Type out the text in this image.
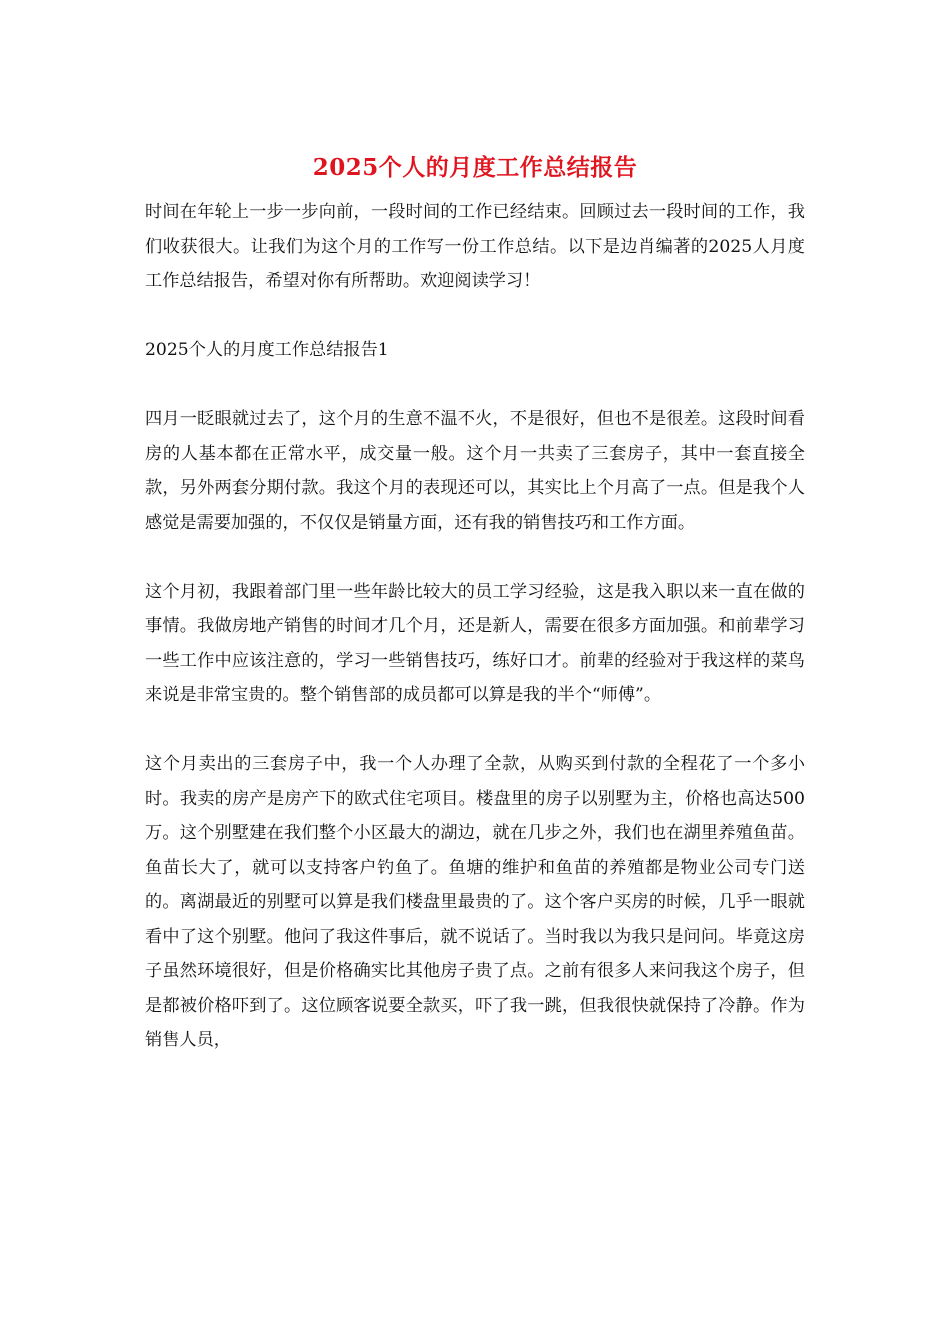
2025个人的月度工作总结报告

时间在年轮上一步一步向前，一段时间的工作已经结束。回顾过去一段时间的工作，我们收获很大。让我们为这个月的工作写一份工作总结。以下是边肖编著的2025人月度工作总结报告，希望对你有所帮助。欢迎阅读学习！

2025个人的月度工作总结报告1

四月一眨眼就过去了，这个月的生意不温不火，不是很好，但也不是很差。这段时间看房的人基本都在正常水平，成交量一般。这个月一共卖了三套房子，其中一套直接全款，另外两套分期付款。我这个月的表现还可以，其实比上个月高了一点。但是我个人感觉是需要加强的，不仅仅是销量方面，还有我的销售技巧和工作方面。

这个月初，我跟着部门里一些年龄比较大的员工学习经验，这是我入职以来一直在做的事情。我做房地产销售的时间才几个月，还是新人，需要在很多方面加强。和前辈学习一些工作中应该注意的，学习一些销售技巧，练好口才。前辈的经验对于我这样的菜鸟来说是非常宝贵的。整个销售部的成员都可以算是我的半个“师傅”。

这个月卖出的三套房子中，我一个人办理了全款，从购买到付款的全程花了一个多小时。我卖的房产是房产下的欧式住宅项目。楼盘里的房子以别墅为主，价格也高达500万。这个别墅建在我们整个小区最大的湖边，就在几步之外，我们也在湖里养殖鱼苗。鱼苗长大了，就可以支持客户钓鱼了。鱼塘的维护和鱼苗的养殖都是物业公司专门送的。离湖最近的别墅可以算是我们楼盘里最贵的了。这个客户买房的时候，几乎一眼就看中了这个别墅。他问了我这件事后，就不说话了。当时我以为我只是问问。毕竟这房子虽然环境很好，但是价格确实比其他房子贵了点。之前有很多人来问我这个房子，但是都被价格吓到了。这位顾客说要全款买，吓了我一跳，但我很快就保持了冷静。作为销售人员，
